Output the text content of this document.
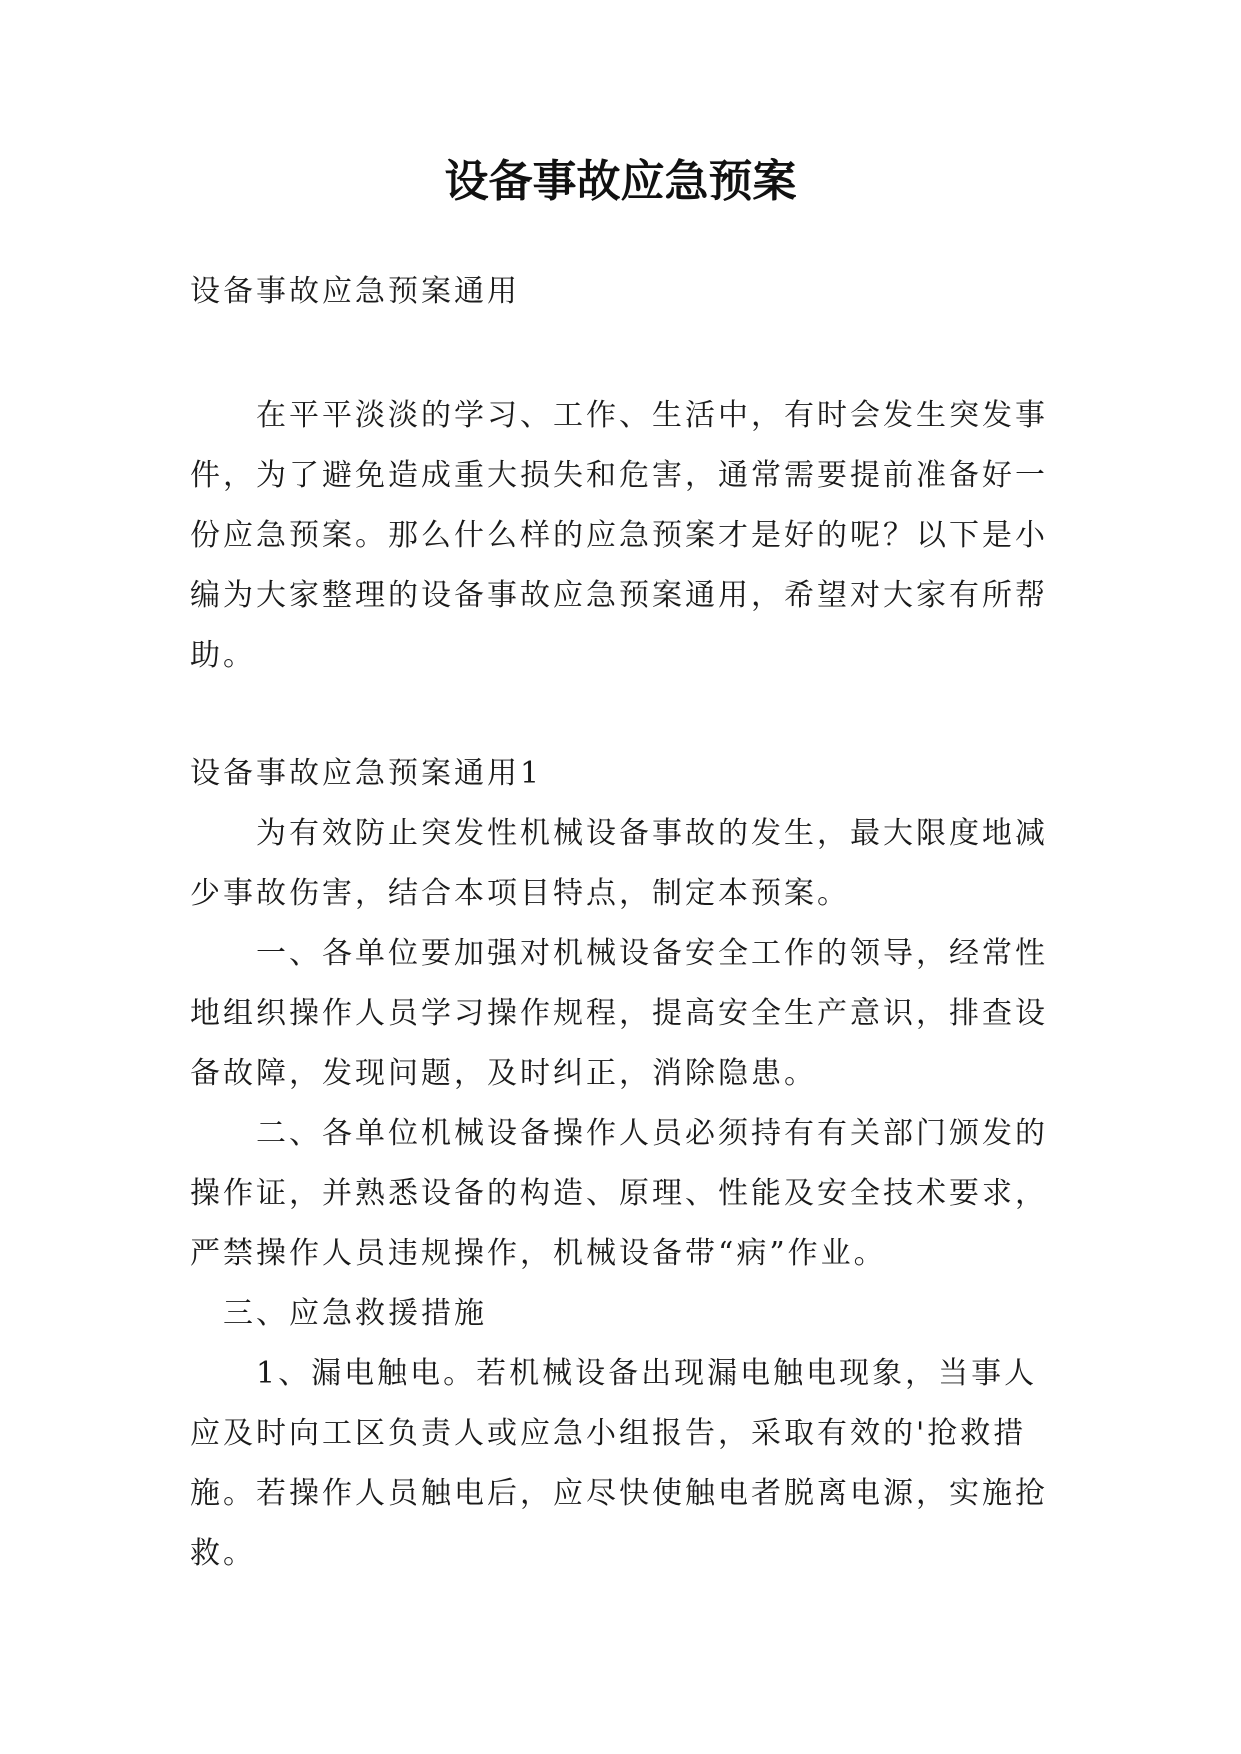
设备事故应急预案

设备事故应急预案通用

在平平淡淡的学习、工作、生活中，有时会发生突发事件，为了避免造成重大损失和危害，通常需要提前准备好一份应急预案。那么什么样的应急预案才是好的呢？以下是小编为大家整理的设备事故应急预案通用，希望对大家有所帮助。

设备事故应急预案通用1

为有效防止突发性机械设备事故的发生，最大限度地减少事故伤害，结合本项目特点，制定本预案。

一、各单位要加强对机械设备安全工作的领导，经常性地组织操作人员学习操作规程，提高安全生产意识，排查设备故障，发现问题，及时纠正，消除隐患。

二、各单位机械设备操作人员必须持有有关部门颁发的操作证，并熟悉设备的构造、原理、性能及安全技术要求，严禁操作人员违规操作，机械设备带“病”作业。

三、应急救援措施

1、漏电触电。若机械设备出现漏电触电现象，当事人应及时向工区负责人或应急小组报告，采取有效的'抢救措施。若操作人员触电后，应尽快使触电者脱离电源，实施抢救。
